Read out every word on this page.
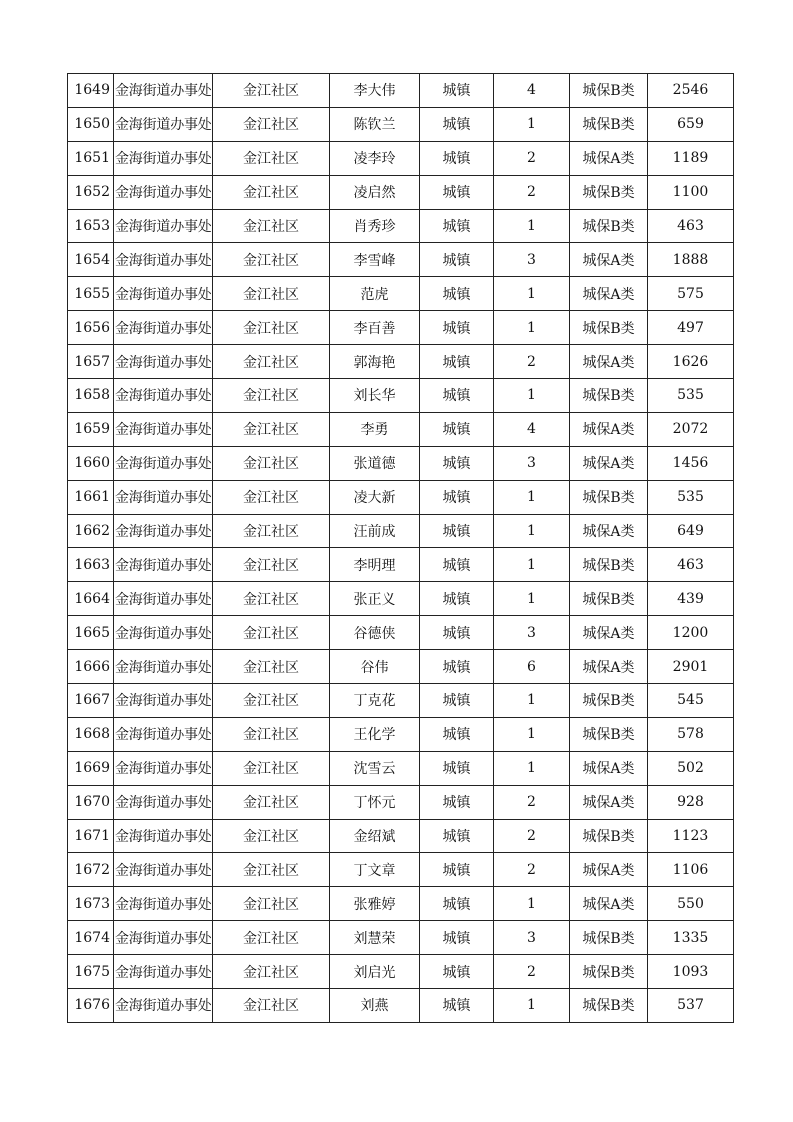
1649	金海街道办事处	金江社区	李大伟	城镇	4	城保B类	2546
1650	金海街道办事处	金江社区	陈钦兰	城镇	1	城保B类	659
1651	金海街道办事处	金江社区	凌李玲	城镇	2	城保A类	1189
1652	金海街道办事处	金江社区	凌启然	城镇	2	城保B类	1100
1653	金海街道办事处	金江社区	肖秀珍	城镇	1	城保B类	463
1654	金海街道办事处	金江社区	李雪峰	城镇	3	城保A类	1888
1655	金海街道办事处	金江社区	范虎	城镇	1	城保A类	575
1656	金海街道办事处	金江社区	李百善	城镇	1	城保B类	497
1657	金海街道办事处	金江社区	郭海艳	城镇	2	城保A类	1626
1658	金海街道办事处	金江社区	刘长华	城镇	1	城保B类	535
1659	金海街道办事处	金江社区	李勇	城镇	4	城保A类	2072
1660	金海街道办事处	金江社区	张道德	城镇	3	城保A类	1456
1661	金海街道办事处	金江社区	凌大新	城镇	1	城保B类	535
1662	金海街道办事处	金江社区	汪前成	城镇	1	城保A类	649
1663	金海街道办事处	金江社区	李明理	城镇	1	城保B类	463
1664	金海街道办事处	金江社区	张正义	城镇	1	城保B类	439
1665	金海街道办事处	金江社区	谷德侠	城镇	3	城保A类	1200
1666	金海街道办事处	金江社区	谷伟	城镇	6	城保A类	2901
1667	金海街道办事处	金江社区	丁克花	城镇	1	城保B类	545
1668	金海街道办事处	金江社区	王化学	城镇	1	城保B类	578
1669	金海街道办事处	金江社区	沈雪云	城镇	1	城保A类	502
1670	金海街道办事处	金江社区	丁怀元	城镇	2	城保A类	928
1671	金海街道办事处	金江社区	金绍斌	城镇	2	城保B类	1123
1672	金海街道办事处	金江社区	丁文章	城镇	2	城保A类	1106
1673	金海街道办事处	金江社区	张雅婷	城镇	1	城保A类	550
1674	金海街道办事处	金江社区	刘慧荣	城镇	3	城保B类	1335
1675	金海街道办事处	金江社区	刘启光	城镇	2	城保B类	1093
1676	金海街道办事处	金江社区	刘燕	城镇	1	城保B类	537
